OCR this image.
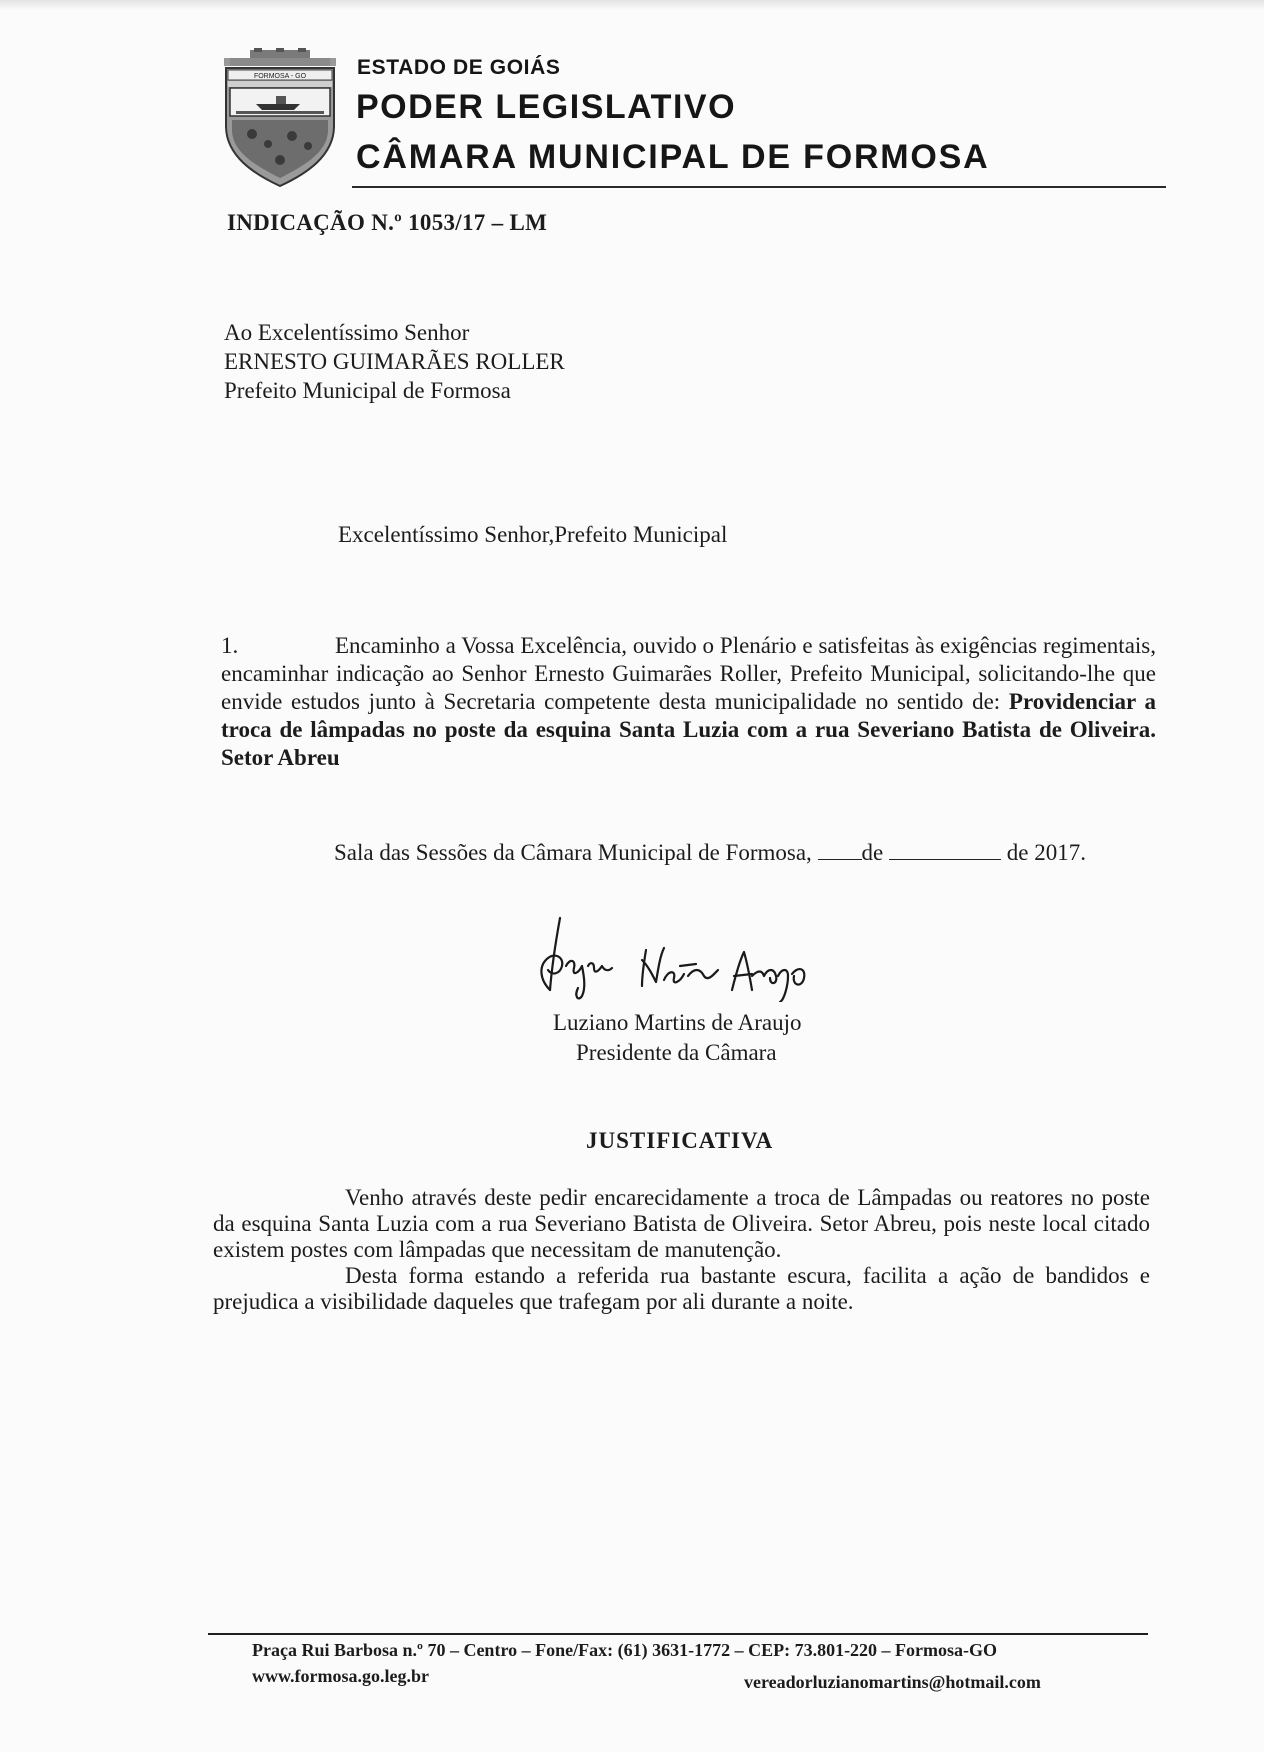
FORMOSA - GO ESTADO DE GOIÁS
PODER LEGISLATIVO
CÂMARA MUNICIPAL DE FORMOSA
INDICAÇÃO N.º 1053/17 – LM
Ao Excelentíssimo Senhor
ERNESTO GUIMARÃES ROLLER
Prefeito Municipal de Formosa
Excelentíssimo Senhor,Prefeito Municipal
1.	Encaminho a Vossa Excelência, ouvido o Plenário e satisfeitas às exigências regimentais, encaminhar indicação ao Senhor Ernesto Guimarães Roller, Prefeito Municipal, solicitando-lhe que envide estudos junto à Secretaria competente desta municipalidade no sentido de: Providenciar a troca de lâmpadas no poste da esquina Santa Luzia com a rua Severiano Batista de Oliveira. Setor Abreu
Sala das Sessões da Câmara Municipal de Formosa, de	de 2017.
Luziano Martins de Araujo
Presidente da Câmara
JUSTIFICATIVA

Venho através deste pedir encarecidamente a troca de Lâmpadas ou reatores no poste da esquina Santa Luzia com a rua Severiano Batista de Oliveira. Setor Abreu, pois neste local citado existem postes com lâmpadas que necessitam de manutenção.

Desta forma estando a referida rua bastante escura, facilita a ação de bandidos e prejudica a visibilidade daqueles que trafegam por ali durante a noite.

Praça Rui Barbosa n.º 70 – Centro – Fone/Fax: (61) 3631-1772 – CEP: 73.801-220 – Formosa-GO
www.formosa.go.leg.br	vereadorluzianomartins@hotmail.com
